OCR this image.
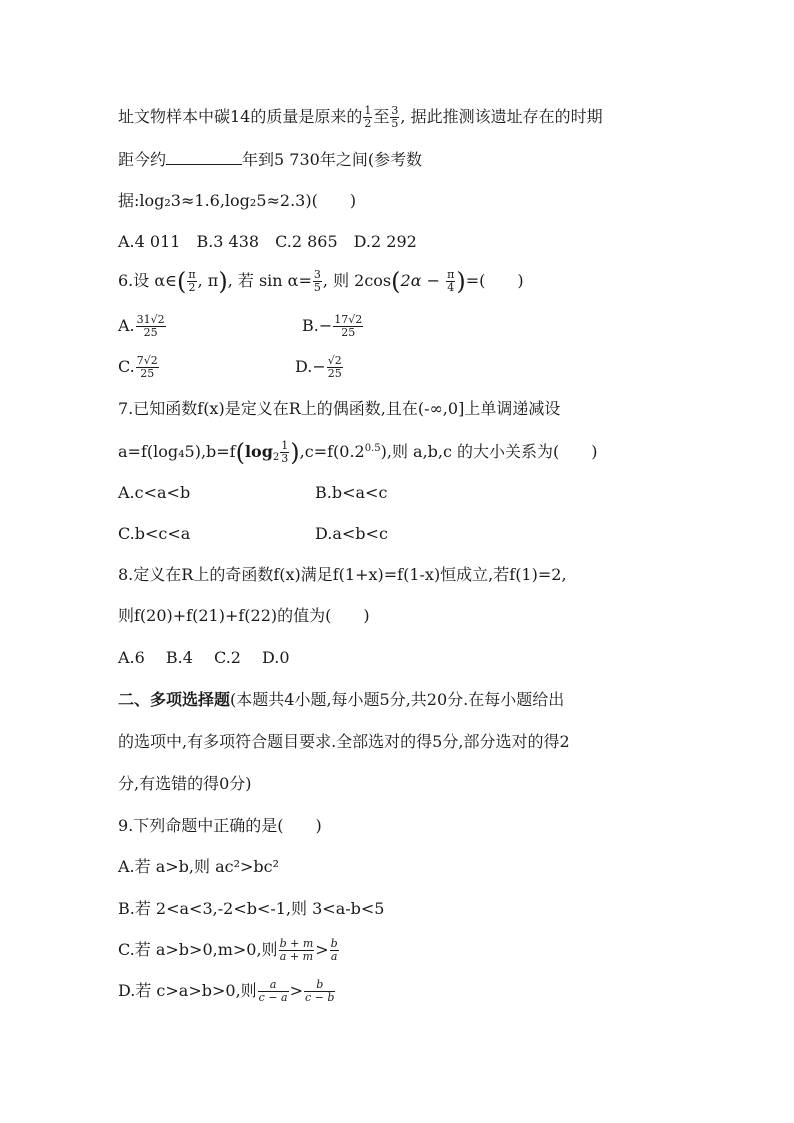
址文物样本中碳14的质量是原来的 $\frac{1}{2}$ 至 $\frac{3}{5}$ , 据此推测该遗址存在的时期
距今约	年到5 730年之间(参考数
据:log₂3≈1.6,log₂5≈2.3)(　　)
A.4 011　B.3 438　C.2 865　D.2 292
6.设 α∈( $\frac{\pi}{2}$ , π), 若 $\sin \alpha= \frac{3}{5}$ , 则 $2\cos(2\alpha - \frac{\pi}{4}$ )=(　　)
A. $\frac{31√2}{25}$	$B.- \frac{17√2}{25}$
C. $\frac{7√2}{25}$	$D.- \frac{√2}{25}$
7.已知函数f(x)是定义在R上的偶函数,且在(-∞,0]上单调递减设
$a=f(\log_45),b=f(\log_2 \frac{1}{3} ),c=f(0.2^{0.5})$,则 a,b,c 的大小关系为(　　)
A.c<a<b	B.b<a<c
C.b<c<a	D.a<b<c
8.定义在R上的奇函数f(x)满足f(1+x)=f(1-x)恒成立,若f(1)=2,
则f(20)+f(21)+f(22)的值为(　　)
A.6　 B.4　 C.2　 D.0
二、多项选择题(本题共4小题,每小题5分,共20分.在每小题给出
的选项中,有多项符合题目要求.全部选对的得5分,部分选对的得2
分,有选错的得0分)
9.下列命题中正确的是(　　)
A.若 a>b,则 ac²>bc²
B.若 2<a<3,-2<b<-1,则 3<a-b<5
C.若 a>b>0,m>0,则 $\frac{b + m}{a + m} > \frac{b}{a}$
D.若 c>a>b>0,则 $\frac{a}{c - a} > \frac{b}{c - b}$
